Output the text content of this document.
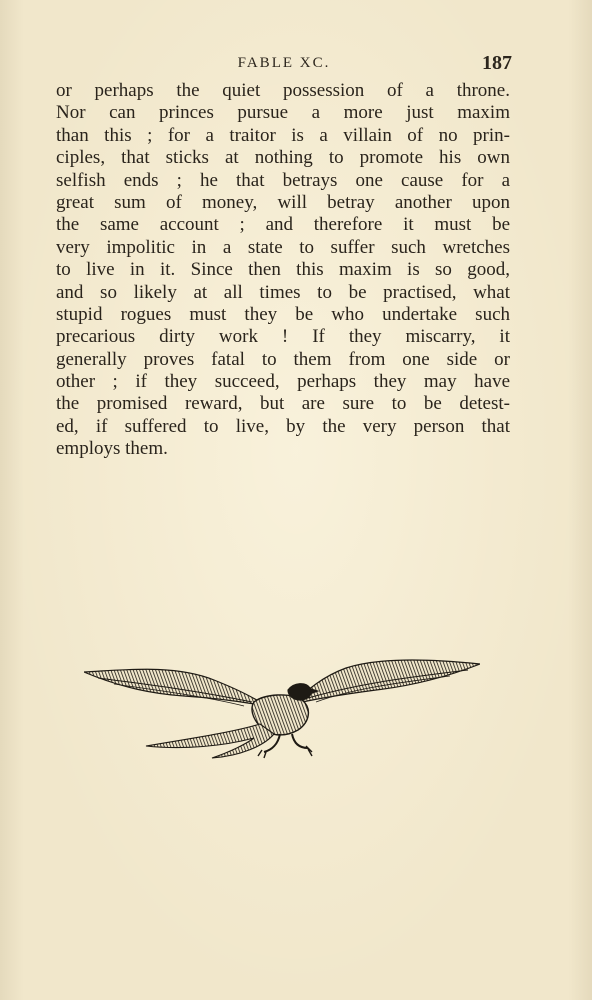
FABLE XC.	187
or perhaps the quiet possession of a throne.
Nor can princes pursue a more just maxim
than this ; for a traitor is a villain of no prin-
ciples, that sticks at nothing to promote his own
selfish ends ; he that betrays one cause for a
great sum of money, will betray another upon
the same account ; and therefore it must be
very impolitic in a state to suffer such wretches
to live in it. Since then this maxim is so good,
and so likely at all times to be practised, what
stupid rogues must they be who undertake such
precarious dirty work ! If they miscarry, it
generally proves fatal to them from one side or
other ; if they succeed, perhaps they may have
the promised reward, but are sure to be detest-
ed, if suffered to live, by the very person that
employs them.
